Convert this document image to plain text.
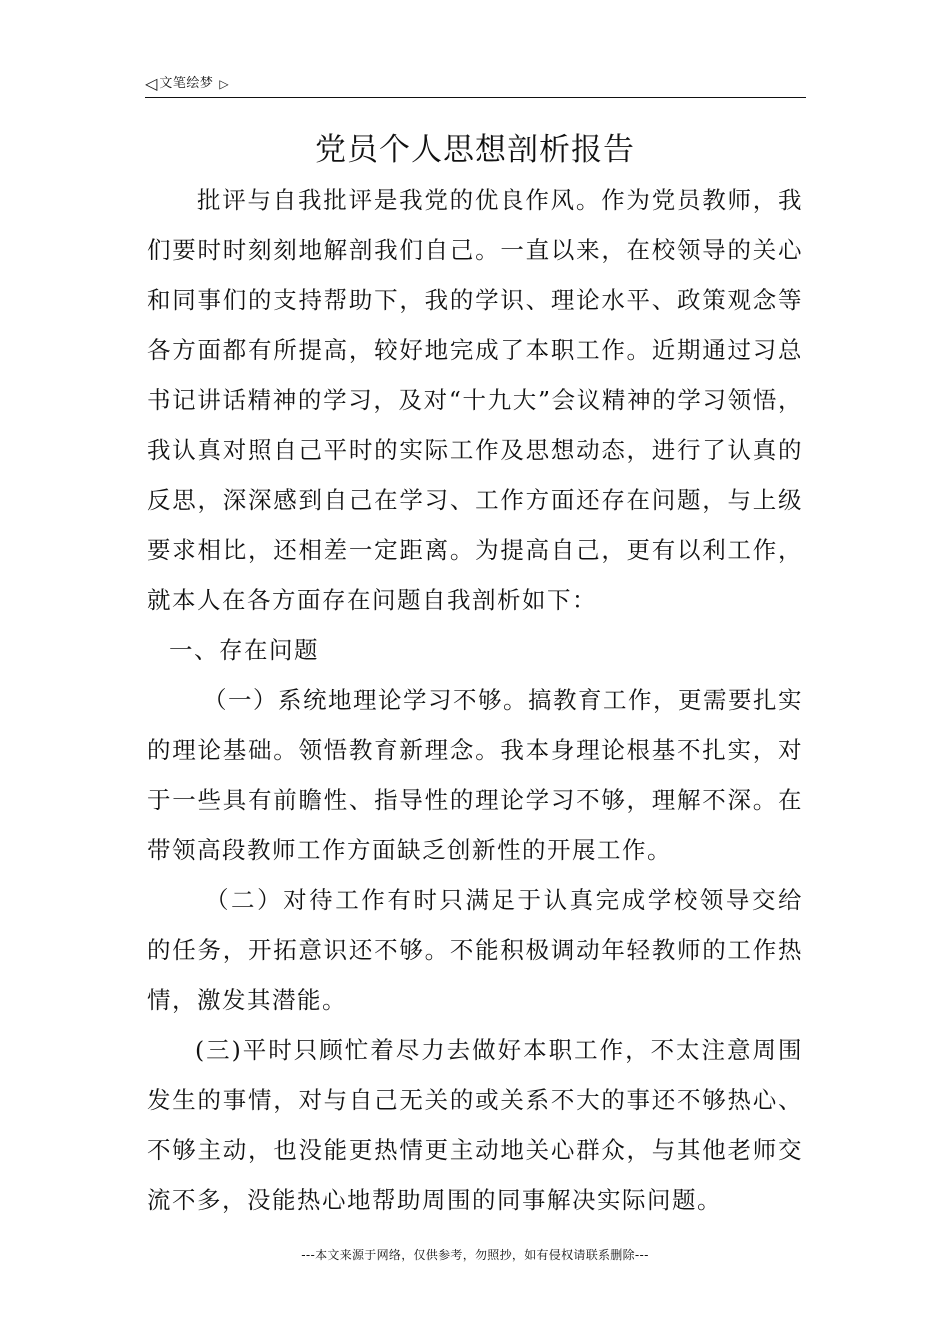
◁ 文笔绘梦 ▷
党员个人思想剖析报告

批评与自我批评是我党的优良作风。作为党员教师，我们要时时刻刻地解剖我们自己。一直以来，在校领导的关心和同事们的支持帮助下，我的学识、理论水平、政策观念等各方面都有所提高，较好地完成了本职工作。近期通过习总书记讲话精神的学习，及对“十九大”会议精神的学习领悟，我认真对照自己平时的实际工作及思想动态，进行了认真的反思，深深感到自己在学习、工作方面还存在问题，与上级要求相比，还相差一定距离。为提高自己，更有以利工作，就本人在各方面存在问题自我剖析如下：

一、存在问题

（一）系统地理论学习不够。搞教育工作，更需要扎实的理论基础。领悟教育新理念。我本身理论根基不扎实，对于一些具有前瞻性、指导性的理论学习不够，理解不深。在带领高段教师工作方面缺乏创新性的开展工作。

（二）对待工作有时只满足于认真完成学校领导交给的任务，开拓意识还不够。不能积极调动年轻教师的工作热情，激发其潜能。

(三)平时只顾忙着尽力去做好本职工作，不太注意周围发生的事情，对与自己无关的或关系不大的事还不够热心、不够主动，也没能更热情更主动地关心群众，与其他老师交流不多，没能热心地帮助周围的同事解决实际问题。

---本文来源于网络，仅供参考，勿照抄，如有侵权请联系删除---
